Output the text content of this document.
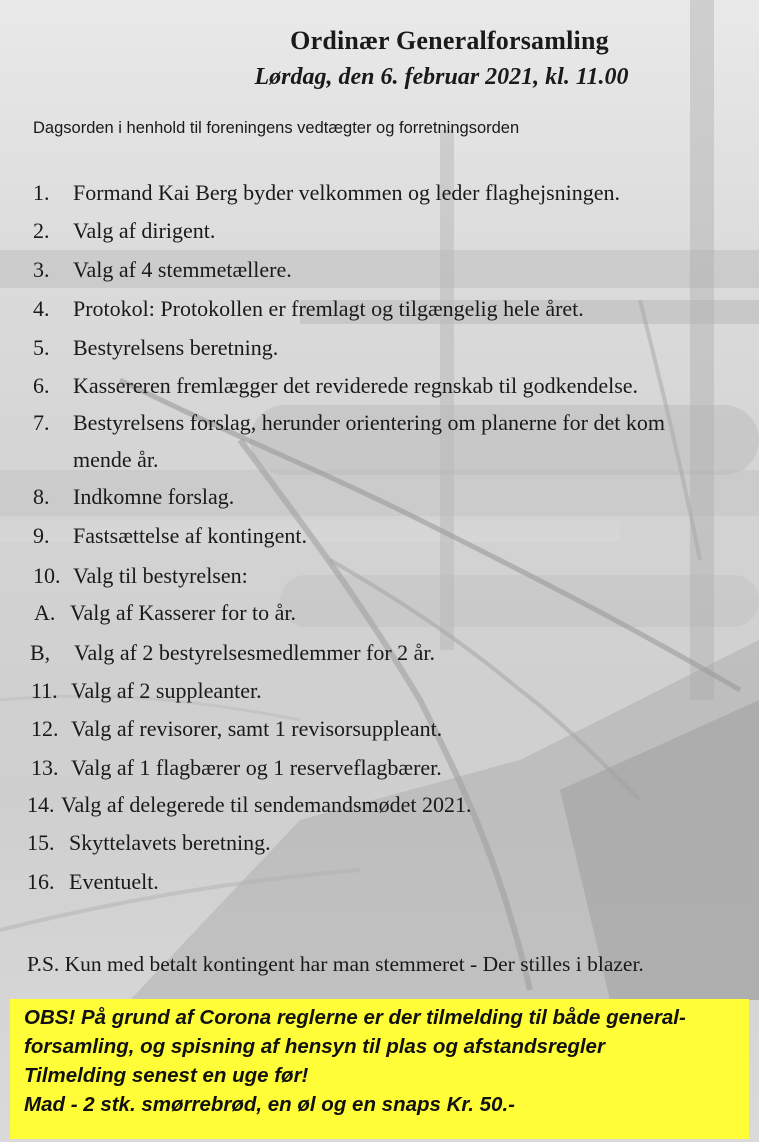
Ordinær Generalforsamling
Lørdag, den 6. februar 2021, kl. 11.00
Dagsorden i henhold til foreningens vedtægter og forretningsorden
1. Formand Kai Berg byder velkommen og leder flaghejsningen.
2. Valg af dirigent.
3. Valg af 4 stemmetællere.
4. Protokol: Protokollen er fremlagt og tilgængelig hele året.
5. Bestyrelsens beretning.
6. Kassereren fremlægger det reviderede regnskab til godkendelse.
7. Bestyrelsens forslag, herunder orientering om planerne for det kom
mende år.
8. Indkomne forslag.
9. Fastsættelse af kontingent.
10. Valg til bestyrelsen:
A. Valg af Kasserer for to år.
B, Valg af 2 bestyrelsesmedlemmer for 2 år.
11. Valg af 2 suppleanter.
12. Valg af revisorer, samt 1 revisorsuppleant.
13. Valg af 1 flagbærer og 1 reserveflagbærer.
14. Valg af delegerede til sendemandsmødet 2021.
15. Skyttelavets beretning.
16. Eventuelt.
P.S. Kun med betalt kontingent har man stemmeret - Der stilles i blazer.
OBS! På grund af Corona reglerne er der tilmelding til både general-
forsamling, og spisning af hensyn til plas og afstandsregler
Tilmelding senest en uge før!
Mad - 2 stk. smørrebrød, en øl og en snaps Kr. 50.-
